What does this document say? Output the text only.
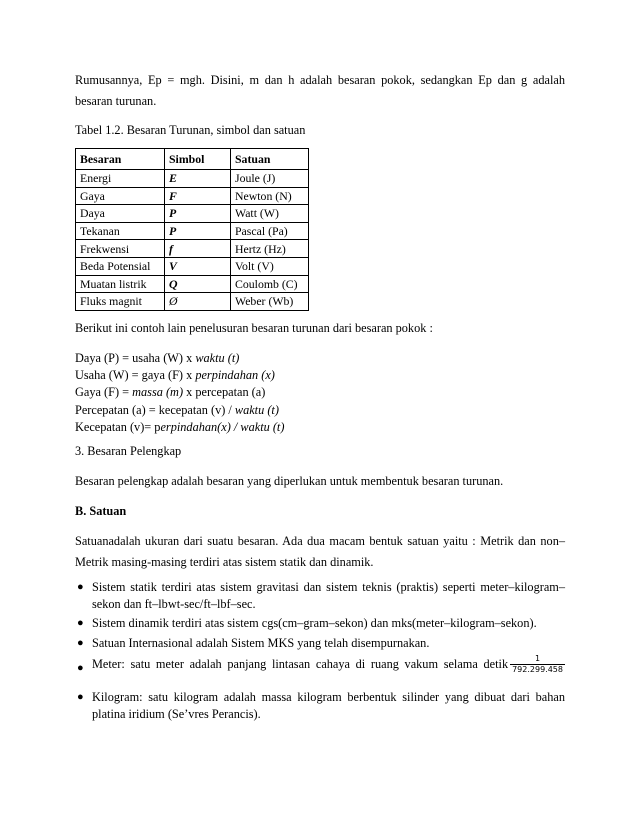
Rumusannya, Ep = mgh. Disini, m dan h adalah besaran pokok, sedangkan Ep dan g adalah

besaran turunan.

Tabel 1.2. Besaran Turunan, simbol dan satuan

Besaran	Simbol	Satuan
Energi	E	Joule (J)
Gaya	F	Newton (N)
Daya	P	Watt (W)
Tekanan	P	Pascal (Pa)
Frekwensi	f	Hertz (Hz)
Beda Potensial	V	Volt (V)
Muatan listrik	Q	Coulomb (C)
Fluks magnit	Ø	Weber (Wb)

Berikut ini contoh lain penelusuran besaran turunan dari besaran pokok :

Daya (P) = usaha (W) x waktu (t)
Usaha (W) = gaya (F) x perpindahan (x)
Gaya (F) = massa (m) x percepatan (a)
Percepatan (a) = kecepatan (v) / waktu (t)
Kecepatan (v)= perpindahan(x) / waktu (t)

3. Besaran Pelengkap

Besaran pelengkap adalah besaran yang diperlukan untuk membentuk besaran turunan.

B. Satuan

Satuanadalah ukuran dari suatu besaran. Ada dua macam bentuk satuan yaitu : Metrik dan non–

Metrik masing-masing terdiri atas sistem statik dan dinamik.

● Sistem statik terdiri atas sistem gravitasi dan sistem teknis (praktis) seperti meter–kilogram–
sekon dan ft–lbwt-sec/ft–lbf–sec.
● Sistem dinamik terdiri atas sistem cgs(cm–gram–sekon) dan mks(meter–kilogram–sekon).
● Satuan Internasional adalah Sistem MKS yang telah disempurnakan.
● Meter: satu meter adalah panjang lintasan cahaya di ruang vakum selama detik $\frac{1}{792.299.458}$
● Kilogram: satu kilogram adalah massa kilogram berbentuk silinder yang dibuat dari bahan
platina iridium (Se’vres Perancis).
